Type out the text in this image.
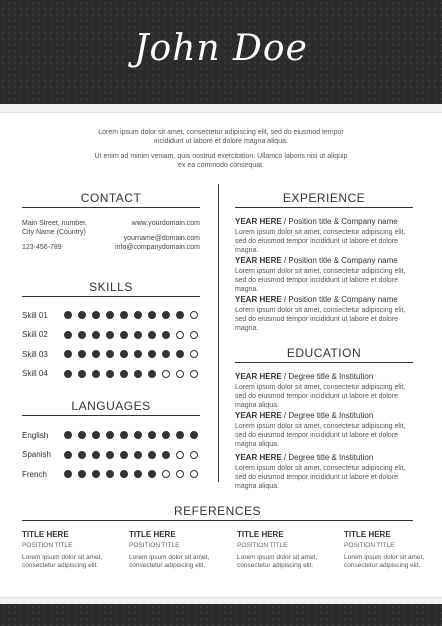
John Doe
Lorem ipsum dolor sit amet, consectetur adipiscing elit, sed do eiusmod tempor incididunt ut labore et dolore magna aliqua.
Ut enim ad minim veniam, quis nostrud exercitation. Ullamco laboris nisi ut aliquip ex ea commodo consequat.
CONTACT
Main Street, number,
City Name (Country)
123-456-789
www.yourdomain.com
yourname@domain.com
info@companydomain.com
SKILLS
Skill 01
Skill 02
Skill 03
Skill 04
LANGUAGES
English
Spanish
French
EXPERIENCE
YEAR HERE / Position title & Company name
Lorem ipsum dolor sit amet, consectetur adipiscing elit, sed do eiusmod tempor incididunt ut labore et dolore magna.
YEAR HERE / Position title & Company name
Lorem ipsum dolor sit amet, consectetur adipiscing elit, sed do eiusmod tempor incididunt ut labore et dolore magna.
YEAR HERE / Position title & Company name
Lorem ipsum dolor sit amet, consectetur adipiscing elit, sed do eiusmod tempor incididunt ut labore et dolore magna.
EDUCATION
YEAR HERE / Degree title & Institution
Lorem ipsum dolor sit amet, consectetur adipiscing elit, sed do eiusmod tempor incididunt ut labore et dolore magna aliqua.
YEAR HERE / Degree title & Institution
Lorem ipsum dolor sit amet, consectetur adipiscing elit, sed do eiusmod tempor incididunt ut labore et dolore magna aliqua.
YEAR HERE / Degree title & Institution
Lorem ipsum dolor sit amet, consectetur adipiscing elit, sed do eiusmod tempor incididunt ut labore et dolore magna aliqua.
REFERENCES
TITLE HERE
POSITION TITLE
Lorem ipsum dolor sit amet, consectetur adipiscing elit.
TITLE HERE
POSITION TITLE
Lorem ipsum dolor sit amet, consectetur adipiscing elit.
TITLE HERE
POSITION TITLE
Lorem ipsum dolor sit amet, consectetur adipiscing elit.
TITLE HERE
POSITION TITLE
Lorem ipsum dolor sit amet, consectetur adipiscing elit.
